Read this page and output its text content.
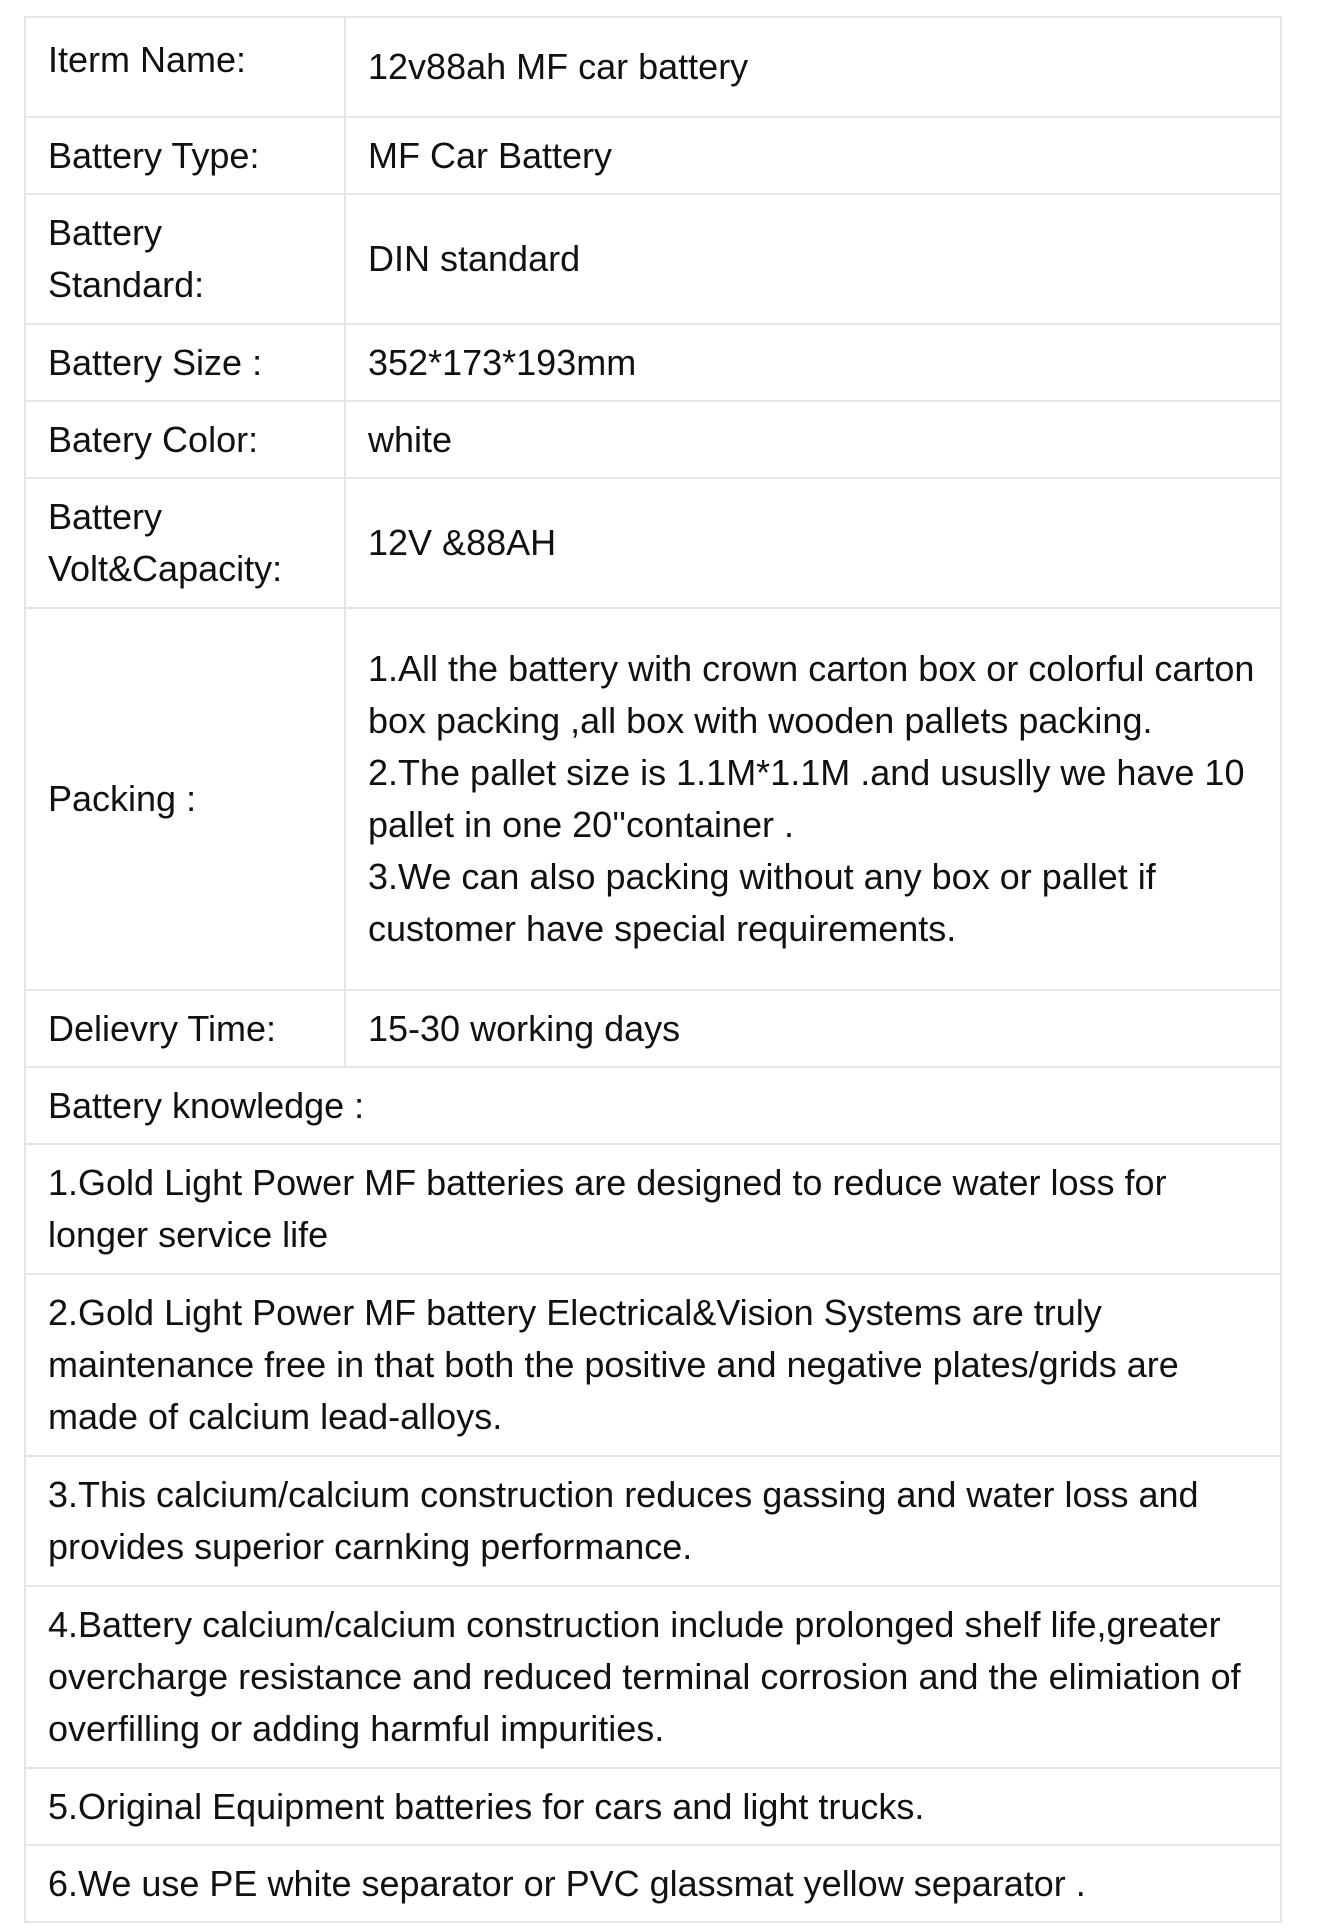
Iterm Name:	12v88ah MF car battery
Battery Type:	MF Car Battery
Battery
Standard:	DIN standard
Battery Size :	352*173*193mm
Batery Color:	white
Battery
Volt&Capacity:	12V &88AH
Packing :	1.All the battery with crown carton box or colorful carton box packing ,all box with wooden pallets packing.
2.The pallet size is 1.1M*1.1M .and ususlly we have 10 pallet in one 20''container .
3.We can also packing without any box or pallet if customer have special requirements.
Delievry Time:	15-30 working days
Battery knowledge :	
1.Gold Light Power MF batteries are designed to reduce water loss for longer service life	
2.Gold Light Power MF battery Electrical&Vision Systems are truly maintenance free in that both the positive and negative plates/grids are made of calcium lead-alloys.	
3.This calcium/calcium construction reduces gassing and water loss and provides superior carnking performance.	
4.Battery calcium/calcium construction include prolonged shelf life,greater overcharge resistance and reduced terminal corrosion and the elimiation of overfilling or adding harmful impurities.	
5.Original Equipment batteries for cars and light trucks.	
6.We use PE white separator or PVC glassmat yellow separator .	
